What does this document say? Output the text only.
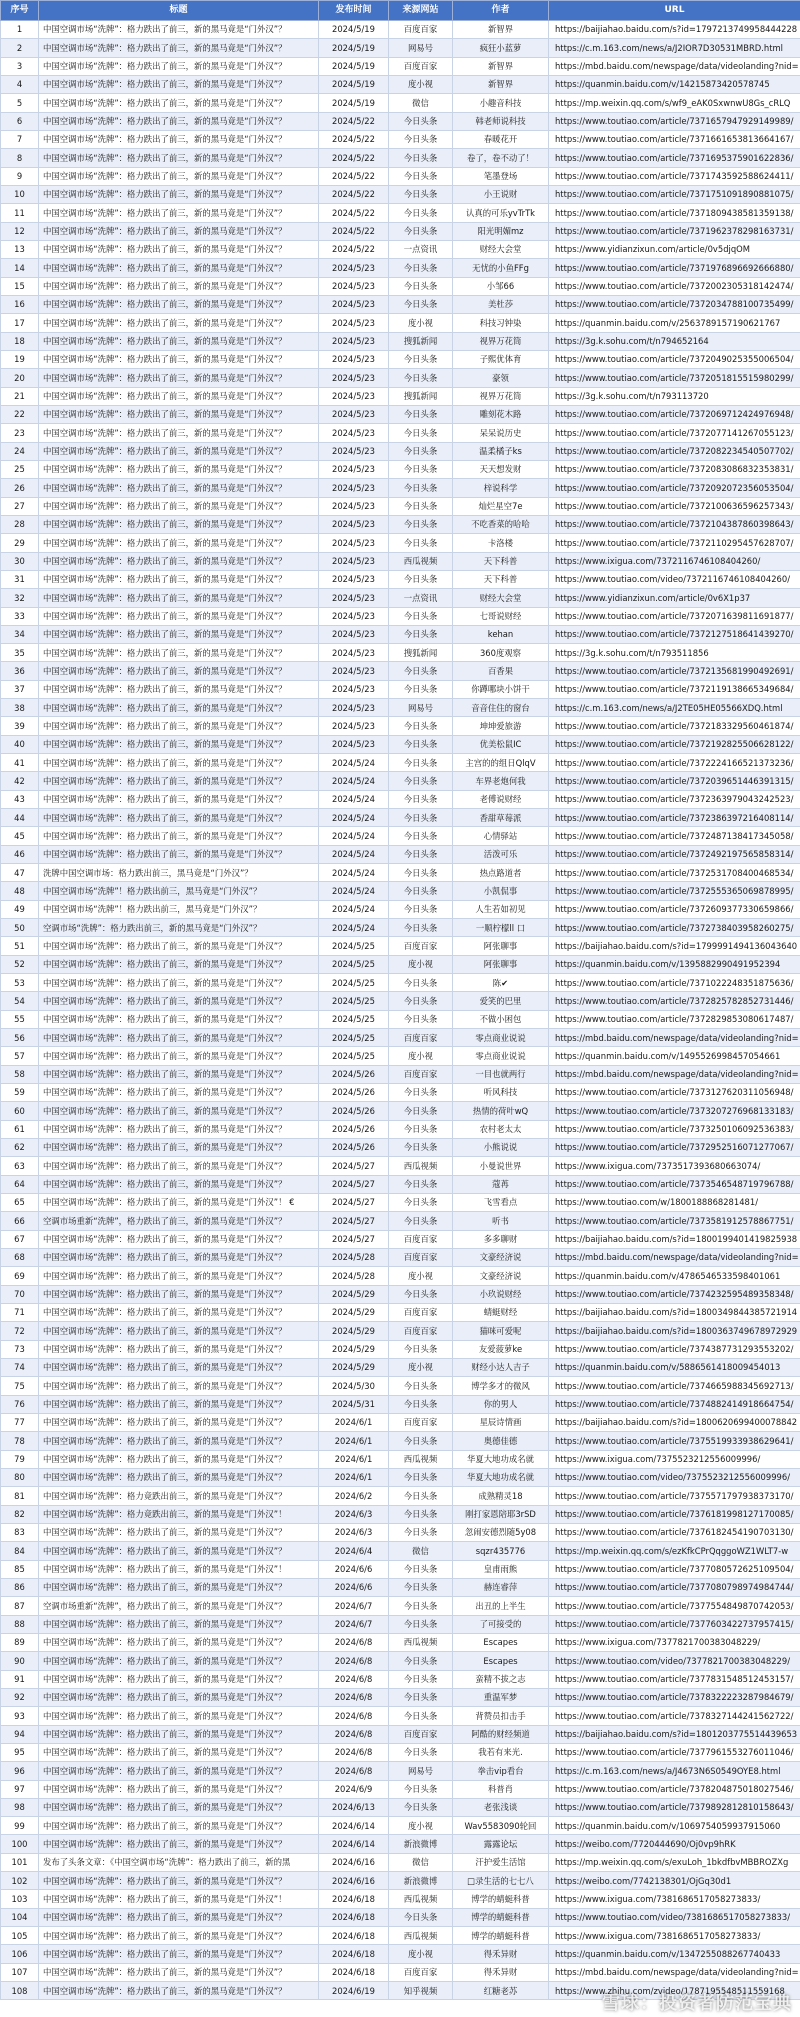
序号	标题	发布时间	来源网站	作者	URL
1	中国空调市场“洗牌”：格力跌出了前三，新的黑马竟是“门外汉”？	2024/5/19	百度百家	新智界	https://baijiahao.baidu.com/s?id=1797213749958444228
2	中国空调市场“洗牌”：格力跌出了前三，新的黑马竟是“门外汉”？	2024/5/19	网易号	疯狂小蓝萝	https://c.m.163.com/news/a/J2IOR7D30531MBRD.html
3	中国空调市场“洗牌”：格力跌出了前三，新的黑马竟是“门外汉”？	2024/5/19	百度百家	新智界	https://mbd.baidu.com/newspage/data/videolanding?nid=
4	中国空调市场“洗牌”：格力跌出了前三，新的黑马竟是“门外汉”？	2024/5/19	度小视	新智界	https://quanmin.baidu.com/v/14215873420578745
5	中国空调市场“洗牌”：格力跌出了前三，新的黑马竟是“门外汉”？	2024/5/19	微信	小趣音科技	https://mp.weixin.qq.com/s/wf9_eAK0SxwnwU8Gs_cRLQ
6	中国空调市场“洗牌”：格力跌出了前三，新的黑马竟是“门外汉”？	2024/5/22	今日头条	韩老师说科技	https://www.toutiao.com/article/7371657947929149989/
7	中国空调市场“洗牌”：格力跌出了前三，新的黑马竟是“门外汉”？	2024/5/22	今日头条	春暖花开	https://www.toutiao.com/article/7371661653813664167/
8	中国空调市场“洗牌”：格力跌出了前三，新的黑马竟是“门外汉”？	2024/5/22	今日头条	卷了，卷不动了！	https://www.toutiao.com/article/7371695375901622836/
9	中国空调市场“洗牌”：格力跌出了前三，新的黑马竟是“门外汉”？	2024/5/22	今日头条	笔墨登场	https://www.toutiao.com/article/7371743592588624411/
10	中国空调市场“洗牌”：格力跌出了前三，新的黑马竟是“门外汉”？	2024/5/22	今日头条	小王说财	https://www.toutiao.com/article/7371751091890881075/
11	中国空调市场“洗牌”：格力跌出了前三，新的黑马竟是“门外汉”？	2024/5/22	今日头条	认真的可乐yvTrTk	https://www.toutiao.com/article/7371809438581359138/
12	中国空调市场“洗牌”：格力跌出了前三，新的黑马竟是“门外汉”？	2024/5/22	今日头条	阳光明媚mz	https://www.toutiao.com/article/7371962378298163731/
13	中国空调市场“洗牌”：格力跌出了前三，新的黑马竟是“门外汉”？	2024/5/22	一点资讯	财经大会堂	https://www.yidianzixun.com/article/0v5djqOM
14	中国空调市场“洗牌”：格力跌出了前三，新的黑马竟是“门外汉”？	2024/5/23	今日头条	无忧的小鱼FFg	https://www.toutiao.com/article/7371976896692666880/
15	中国空调市场“洗牌”：格力跌出了前三，新的黑马竟是“门外汉”？	2024/5/23	今日头条	小邹66	https://www.toutiao.com/article/7372002305318142474/
16	中国空调市场“洗牌”：格力跌出了前三，新的黑马竟是“门外汉”？	2024/5/23	今日头条	美杜莎	https://www.toutiao.com/article/7372034788100735499/
17	中国空调市场“洗牌”：格力跌出了前三，新的黑马竟是“门外汉”？	2024/5/23	度小视	科技习钟染	https://quanmin.baidu.com/v/2563789157190621767
18	中国空调市场“洗牌”：格力跌出了前三，新的黑马竟是“门外汉”？	2024/5/23	搜狐新闻	视界万花筒	https://3g.k.sohu.com/t/n794652164
19	中国空调市场“洗牌”：格力跌出了前三，新的黑马竟是“门外汉”？	2024/5/23	今日头条	子熙优体育	https://www.toutiao.com/article/7372049025355006504/
20	中国空调市场“洗牌”：格力跌出了前三，新的黑马竟是“门外汉”？	2024/5/23	今日头条	豪领	https://www.toutiao.com/article/7372051815515980299/
21	中国空调市场“洗牌”：格力跌出了前三，新的黑马竟是“门外汉”？	2024/5/23	搜狐新闻	视界万花筒	https://3g.k.sohu.com/t/n793113720
22	中国空调市场“洗牌”：格力跌出了前三，新的黑马竟是“门外汉”？	2024/5/23	今日头条	雕刻花木路	https://www.toutiao.com/article/7372069712424976948/
23	中国空调市场“洗牌”：格力跌出了前三，新的黑马竟是“门外汉”？	2024/5/23	今日头条	呆呆说历史	https://www.toutiao.com/article/7372077141267055123/
24	中国空调市场“洗牌”：格力跌出了前三，新的黑马竟是“门外汉”？	2024/5/23	今日头条	温柔橘子ks	https://www.toutiao.com/article/7372082234540507702/
25	中国空调市场“洗牌”：格力跌出了前三，新的黑马竟是“门外汉”？	2024/5/23	今日头条	天天想发财	https://www.toutiao.com/article/7372083086832353831/
26	中国空调市场“洗牌”：格力跌出了前三，新的黑马竟是“门外汉”？	2024/5/23	今日头条	梓说科学	https://www.toutiao.com/article/7372092072356053504/
27	中国空调市场“洗牌”：格力跌出了前三，新的黑马竟是“门外汉”？	2024/5/23	今日头条	灿烂星空7e	https://www.toutiao.com/article/7372100636596257343/
28	中国空调市场“洗牌”：格力跌出了前三，新的黑马竟是“门外汉”？	2024/5/23	今日头条	不吃香菜的哈哈	https://www.toutiao.com/article/7372104387860398643/
29	中国空调市场“洗牌”：格力跌出了前三，新的黑马竟是“门外汉”？	2024/5/23	今日头条	卡洛楼	https://www.toutiao.com/article/7372110295457628707/
30	中国空调市场“洗牌”：格力跌出了前三，新的黑马竟是“门外汉”？	2024/5/23	西瓜视频	天下科普	https://www.ixigua.com/7372116746108404260/
31	中国空调市场“洗牌”：格力跌出了前三，新的黑马竟是“门外汉”？	2024/5/23	今日头条	天下科普	https://www.toutiao.com/video/7372116746108404260/
32	中国空调市场“洗牌”：格力跌出了前三，新的黑马竟是“门外汉”？	2024/5/23	一点资讯	财经大会堂	https://www.yidianzixun.com/article/0v6X1p37
33	中国空调市场“洗牌”：格力跌出了前三，新的黑马竟是“门外汉”？	2024/5/23	今日头条	七哥说财经	https://www.toutiao.com/article/7372071639811691877/
34	中国空调市场“洗牌”：格力跌出了前三，新的黑马竟是“门外汉”？	2024/5/23	今日头条	kehan	https://www.toutiao.com/article/7372127518641439270/
35	中国空调市场“洗牌”：格力跌出了前三，新的黑马竟是“门外汉”？	2024/5/23	搜狐新闻	360度观察	https://3g.k.sohu.com/t/n793511856
36	中国空调市场“洗牌”：格力跌出了前三，新的黑马竟是“门外汉”？	2024/5/23	今日头条	百香果	https://www.toutiao.com/article/7372135681990492691/
37	中国空调市场“洗牌”：格力跌出了前三，新的黑马竟是“门外汉”？	2024/5/23	今日头条	你蹲哪块小饼干	https://www.toutiao.com/article/7372119138665349684/
38	中国空调市场“洗牌”：格力跌出了前三，新的黑马竟是“门外汉”？	2024/5/23	网易号	音音住住的窗台	https://c.m.163.com/news/a/J2TE05HE05566XDQ.html
39	中国空调市场“洗牌”：格力跌出了前三，新的黑马竟是“门外汉”？	2024/5/23	今日头条	坤坤爱旅游	https://www.toutiao.com/article/7372183329560461874/
40	中国空调市场“洗牌”：格力跌出了前三，新的黑马竟是“门外汉”？	2024/5/23	今日头条	优美松鼠IC	https://www.toutiao.com/article/7372192825506628122/
41	中国空调市场“洗牌”：格力跌出了前三，新的黑马竟是“门外汉”？	2024/5/24	今日头条	主宫的的组日QlqV	https://www.toutiao.com/article/7372224166521373236/
42	中国空调市场“洗牌”：格力跌出了前三，新的黑马竟是“门外汉”？	2024/5/24	今日头条	车界老炮何我	https://www.toutiao.com/article/7372039651446391315/
43	中国空调市场“洗牌”：格力跌出了前三，新的黑马竟是“门外汉”？	2024/5/24	今日头条	老傅说财经	https://www.toutiao.com/article/7372363979043242523/
44	中国空调市场“洗牌”：格力跌出了前三，新的黑马竟是“门外汉”？	2024/5/24	今日头条	香甜草莓派	https://www.toutiao.com/article/7372386397216408114/
45	中国空调市场“洗牌”：格力跌出了前三，新的黑马竟是“门外汉”？	2024/5/24	今日头条	心情驿站	https://www.toutiao.com/article/7372487138417345058/
46	中国空调市场“洗牌”：格力跌出了前三，新的黑马竟是“门外汉”？	2024/5/24	今日头条	活泼可乐	https://www.toutiao.com/article/7372492197565858314/
47	洗牌中国空调市场：格力跌出前三，黑马竟是“门外汉”？	2024/5/24	今日头条	热点路道者	https://www.toutiao.com/article/7372531708400468534/
48	中国空调市场“洗牌”！格力跌出前三，黑马竟是“门外汉”？	2024/5/24	今日头条	小凯侃事	https://www.toutiao.com/article/7372555365069878995/
49	中国空调市场“洗牌”！格力跌出前三，黑马竟是“门外汉”？	2024/5/24	今日头条	人生若如初见	https://www.toutiao.com/article/7372609377330659866/
50	空调市场“洗牌”：格力跌出前三，新的黑马竟是“门外汉”？	2024/5/24	今日头条	一顺柠檬ll 口	https://www.toutiao.com/article/7372738403958260275/
51	中国空调市场“洗牌”：格力跌出了前三，新的黑马竟是“门外汉”？	2024/5/25	百度百家	阿张聊事	https://baijiahao.baidu.com/s?id=1799991494136043640
52	中国空调市场“洗牌”：格力跌出了前三，新的黑马竟是“门外汉”？	2024/5/25	度小视	阿张聊事	https://quanmin.baidu.com/v/1395882990491952394
53	中国空调市场“洗牌”：格力跌出了前三，新的黑马竟是“门外汉”？	2024/5/25	今日头条	陈✔	https://www.toutiao.com/article/7371022248351875636/
54	中国空调市场“洗牌”：格力跌出了前三，新的黑马竟是“门外汉”？	2024/5/25	今日头条	爱笑的巴里	https://www.toutiao.com/article/7372825782852731446/
55	中国空调市场“洗牌”：格力跌出了前三，新的黑马竟是“门外汉”？	2024/5/25	今日头条	不做小困包	https://www.toutiao.com/article/7372829853080617487/
56	中国空调市场“洗牌”：格力跌出了前三，新的黑马竟是“门外汉”？	2024/5/25	百度百家	零点商业说说	https://mbd.baidu.com/newspage/data/videolanding?nid=
57	中国空调市场“洗牌”：格力跌出了前三，新的黑马竟是“门外汉”？	2024/5/25	度小视	零点商业说说	https://quanmin.baidu.com/v/1495526998457054661
58	中国空调市场“洗牌”：格力跌出了前三，新的黑马竟是“门外汉”？	2024/5/26	百度百家	一目也就两行	https://mbd.baidu.com/newspage/data/videolanding?nid=
59	中国空调市场“洗牌”：格力跌出了前三，新的黑马竟是“门外汉”？	2024/5/26	今日头条	听风科技	https://www.toutiao.com/article/7373127620311056948/
60	中国空调市场“洗牌”：格力跌出了前三，新的黑马竟是“门外汉”？	2024/5/26	今日头条	热情的荷叶wQ	https://www.toutiao.com/article/7373207276968133183/
61	中国空调市场“洗牌”：格力跌出了前三，新的黑马竟是“门外汉”？	2024/5/26	今日头条	农村老太太	https://www.toutiao.com/article/7373250106092536383/
62	中国空调市场“洗牌”：格力跌出了前三，新的黑马竟是“门外汉”？	2024/5/26	今日头条	小熊说说	https://www.toutiao.com/article/7372952516071277067/
63	中国空调市场“洗牌”：格力跌出了前三，新的黑马竟是“门外汉”？	2024/5/27	西瓜视频	小曼说世界	https://www.ixigua.com/7373517393680663074/
64	中国空调市场“洗牌”：格力跌出了前三，新的黑马竟是“门外汉”？	2024/5/27	今日头条	蔻苒	https://www.toutiao.com/article/7373546548719796788/
65	中国空调市场“洗牌”：格力跌出了前三，新的黑马竟是“门外汉”！ €	2024/5/27	今日头条	飞雪看点	https://www.toutiao.com/w/1800188868281481/
66	空调市场重新“洗牌”，格力跌出了前三，新的黑马竟是“门外汉”？	2024/5/27	今日头条	听书	https://www.toutiao.com/article/7373581912578867751/
67	中国空调市场“洗牌”：格力跌出了前三，新的黑马竟是“门外汉”？	2024/5/27	百度百家	多多聊财	https://baijiahao.baidu.com/s?id=1800199401419825938
68	中国空调市场“洗牌”：格力跌出了前三，新的黑马竟是“门外汉”？	2024/5/28	百度百家	文豪经济说	https://mbd.baidu.com/newspage/data/videolanding?nid=
69	中国空调市场“洗牌”：格力跌出了前三，新的黑马竟是“门外汉”？	2024/5/28	度小视	文豪经济说	https://quanmin.baidu.com/v/4786546533598401061
70	中国空调市场“洗牌”：格力跌出了前三，新的黑马竟是“门外汉”？	2024/5/29	今日头条	小玖说财经	https://www.toutiao.com/article/7374232595489358348/
71	中国空调市场“洗牌”：格力跌出了前三，新的黑马竟是“门外汉”？	2024/5/29	百度百家	蜻蜓财经	https://baijiahao.baidu.com/s?id=1800349844385721914
72	中国空调市场“洗牌”：格力跌出了前三，新的黑马竟是“门外汉”？	2024/5/29	百度百家	猫咪可爱呢	https://baijiahao.baidu.com/s?id=1800363749678972929
73	中国空调市场“洗牌”：格力跌出了前三，新的黑马竟是“门外汉”？	2024/5/29	今日头条	友爱菠萝ke	https://www.toutiao.com/article/7374387731293553202/
74	中国空调市场“洗牌”：格力跌出了前三，新的黑马竟是“门外汉”？	2024/5/29	度小视	财经小达人吉子	https://quanmin.baidu.com/v/5886561418009454013
75	中国空调市场“洗牌”：格力跌出了前三，新的黑马竟是“门外汉”？	2024/5/30	今日头条	博学多才的微风	https://www.toutiao.com/article/7374665988345692713/
76	中国空调市场“洗牌”：格力跌出了前三，新的黑马竟是“门外汉”？	2024/5/31	今日头条	你的男人	https://www.toutiao.com/article/7374882414918664754/
77	中国空调市场“洗牌”：格力跌出了前三，新的黑马竟是“门外汉”？	2024/6/1	百度百家	星辰诗情画	https://baijiahao.baidu.com/s?id=1800620699400078842
78	中国空调市场“洗牌”：格力跌出了前三，新的黑马竟是“门外汉”？	2024/6/1	今日头条	奥德佳德	https://www.toutiao.com/article/7375519933938629641/
79	中国空调市场“洗牌”：格力跌出了前三，新的黑马竟是“门外汉”？	2024/6/1	西瓜视频	华夏大地功成名就	https://www.ixigua.com/7375523212556009996/
80	中国空调市场“洗牌”：格力跌出了前三，新的黑马竟是“门外汉”？	2024/6/1	今日头条	华夏大地功成名就	https://www.toutiao.com/video/7375523212556009996/
81	中国空调市场“洗牌”：格力竟跌出前三，新的黑马竟是“门外汉”？	2024/6/2	今日头条	成熟精灵18	https://www.toutiao.com/article/7375571797938373170/
82	中国空调市场“洗牌”：格力竟跌出前三，新的黑马竟是“门外汉”！	2024/6/3	今日头条	刚打家恩陪耶3rSD	https://www.toutiao.com/article/7376181998127170085/
83	中国空调市场“洗牌”：格力跌出了前三，新的黑马竟是“门外汉”？	2024/6/3	今日头条	忽闹安德烈随5y08	https://www.toutiao.com/article/7376182454190703130/
84	中国空调市场“洗牌”：格力跌出了前三，新的黑马竟是“门外汉”？	2024/6/4	微信	sqzr435776	https://mp.weixin.qq.com/s/ezKfkCPrQqggoWZ1WLT7-w
85	中国空调市场“洗牌”：格力跌出了前三，新的黑马竟是“门外汉”！	2024/6/6	今日头条	皇甫雨熊	https://www.toutiao.com/article/7377080572625109504/
86	中国空调市场“洗牌”：格力跌出了前三，新的黑马竟是“门外汉”？	2024/6/6	今日头条	赫连睿萍	https://www.toutiao.com/article/7377080798974984744/
87	空调市场重新“洗牌”，格力跌出了前三，新的黑马竟是“门外汉”？	2024/6/7	今日头条	出丑的上半生	https://www.toutiao.com/article/7377554849870742053/
88	中国空调市场“洗牌”：格力跌出了前三，新的黑马竟是“门外汉”？	2024/6/7	今日头条	了可接受的	https://www.toutiao.com/article/7377603422737957415/
89	中国空调市场“洗牌”：格力跌出了前三，新的黑马竟是“门外汉”？	2024/6/8	西瓜视频	Escapes	https://www.ixigua.com/7377821700383048229/
90	中国空调市场“洗牌”：格力跌出了前三，新的黑马竟是“门外汉”？	2024/6/8	今日头条	Escapes	https://www.toutiao.com/video/7377821700383048229/
91	中国空调市场“洗牌”：格力跌出了前三，新的黑马竟是“门外汉”？	2024/6/8	今日头条	蛮精不拔之志	https://www.toutiao.com/article/7377831548512453157/
92	中国空调市场“洗牌”：格力跌出了前三，新的黑马竟是“门外汉”？	2024/6/8	今日头条	重温军梦	https://www.toutiao.com/article/7378322223287984679/
93	中国空调市场“洗牌”：格力跌出了前三，新的黑马竟是“门外汉”？	2024/6/8	今日头条	背赞员扣击手	https://www.toutiao.com/article/7378327144241562722/
94	中国空调市场“洗牌”：格力跌出了前三，新的黑马竟是“门外汉”？	2024/6/8	百度百家	阿酷的财经频道	https://baijiahao.baidu.com/s?id=1801203775514439653
95	中国空调市场“洗牌”：格力跌出了前三，新的黑马竟是“门外汉”？	2024/6/8	今日头条	我若有来光.	https://www.toutiao.com/article/7377961553276011046/
96	中国空调市场“洗牌”：格力跌出了前三，新的黑马竟是“门外汉”？	2024/6/8	网易号	拳击vip看台	https://c.m.163.com/news/a/J4673N6S0549OYE8.html
97	中国空调市场“洗牌”：格力跌出了前三，新的黑马竟是“门外汉”？	2024/6/9	今日头条	科普肖	https://www.toutiao.com/article/7378204875018027546/
98	中国空调市场“洗牌”：格力跌出了前三，新的黑马竟是“门外汉”？	2024/6/13	今日头条	老张浅谈	https://www.toutiao.com/article/7379892812810158643/
99	中国空调市场“洗牌”：格力跌出了前三，新的黑马竟是“门外汉”？	2024/6/14	度小视	Wav5583090轮回	https://quanmin.baidu.com/v/1069754059937915060
100	中国空调市场“洗牌”：格力跌出了前三，新的黑马竟是“门外汉”？	2024/6/14	新浪微博	露露论坛	https://weibo.com/7720444690/Oj0vp9hRK
101	发布了头条文章：《中国空调市场“洗牌”：格力跌出了前三，新的黑	2024/6/16	微信	汗护爱生活馆	https://mp.weixin.qq.com/s/exuLoh_1bkdfbvMBBROZXg
102	中国空调市场“洗牌”：格力跌出了前三，新的黑马竟是“门外汉”？	2024/6/16	新浪微博	□录生活的七七八	https://weibo.com/7742138301/OjGq30d1
103	中国空调市场“洗牌”：格力跌出了前三，新的黑马竟是“门外汉”！	2024/6/18	西瓜视频	博学的蜻蜓科普	https://www.ixigua.com/7381686517058273833/
104	中国空调市场“洗牌”：格力跌出了前三，新的黑马竟是“门外汉”？	2024/6/18	今日头条	博学的蜻蜓科普	https://www.toutiao.com/video/7381686517058273833/
105	中国空调市场“洗牌”：格力跌出了前三，新的黑马竟是“门外汉”？	2024/6/18	西瓜视频	博学的蜻蜓科普	https://www.ixigua.com/7381686517058273833/
106	中国空调市场“洗牌”：格力跌出了前三，新的黑马竟是“门外汉”？	2024/6/18	度小视	得禾异财	https://quanmin.baidu.com/v/1347255088267740433
107	中国空调市场“洗牌”：格力跌出了前三，新的黑马竟是“门外汉”？	2024/6/18	百度百家	得禾异财	https://mbd.baidu.com/newspage/data/videolanding?nid=
108	中国空调市场“洗牌”：格力跌出了前三，新的黑马竟是“门外汉”？	2024/6/19	知乎视频	红糖老苏	https://www.zhihu.com/zvideo/1787195548511559168
雪球：投资者防范宝典
